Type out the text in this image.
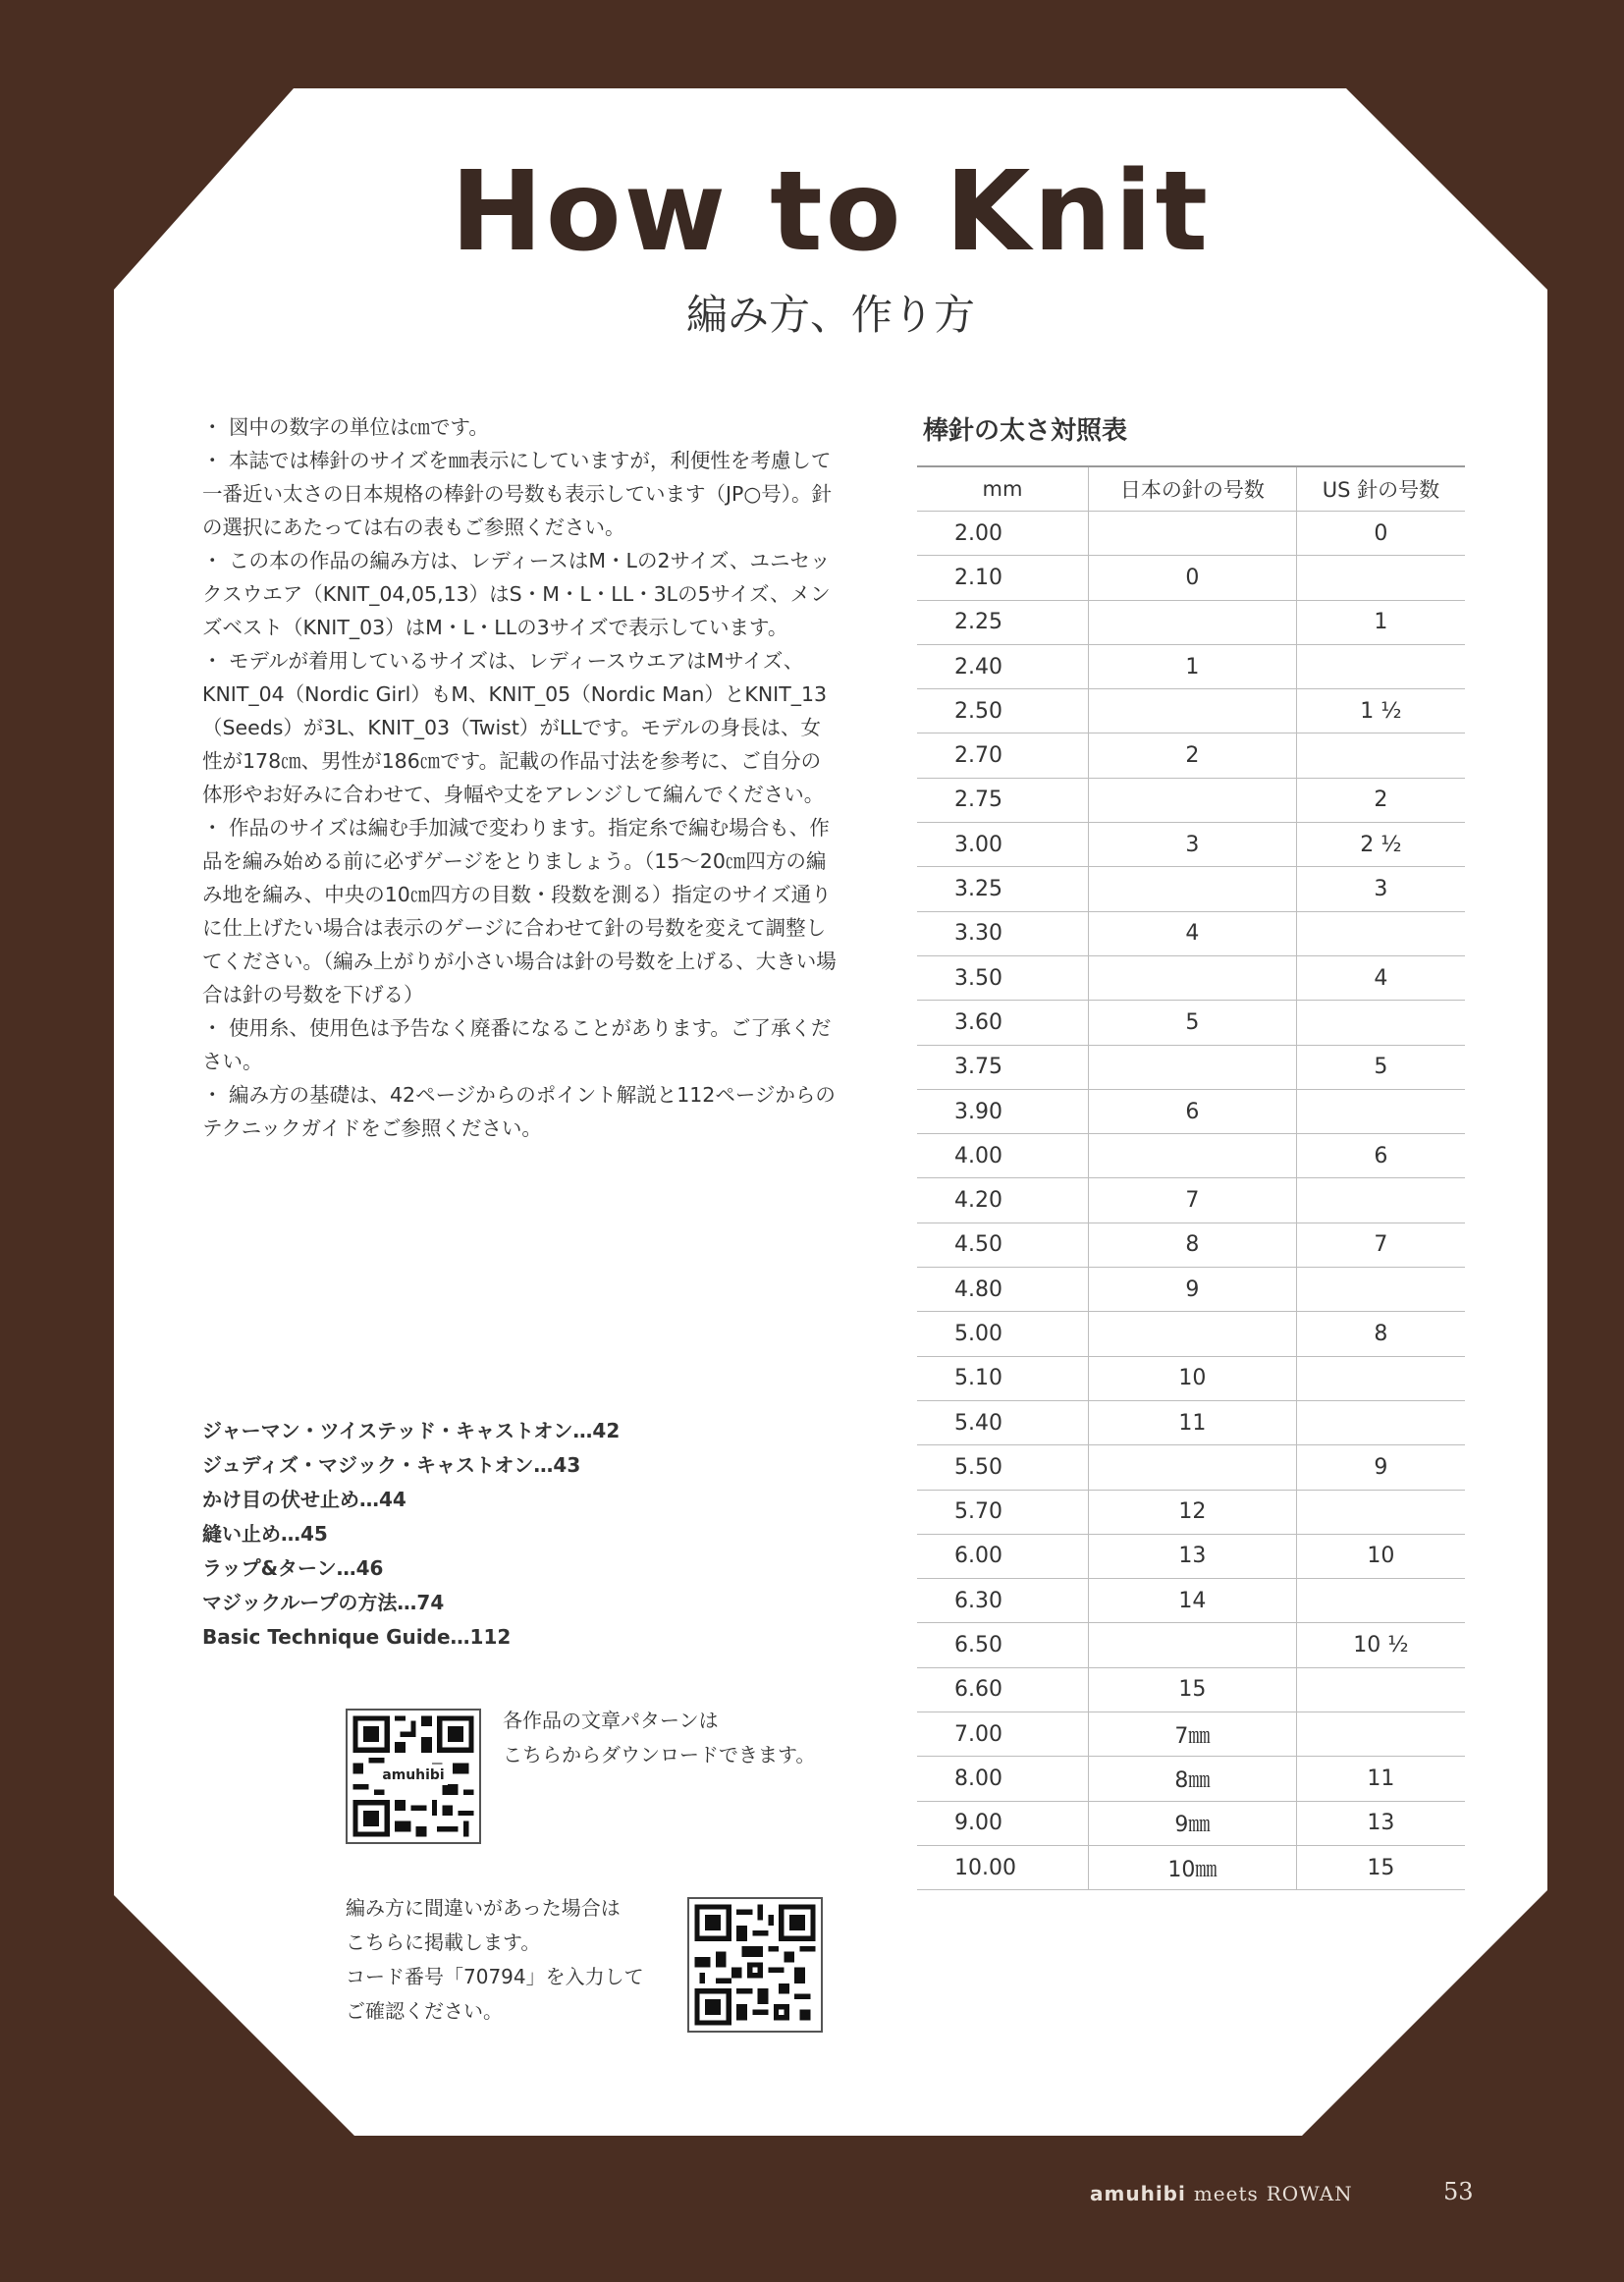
How to Knit
編み方、作り方

・ 図中の数字の単位は㎝です。

・ 本誌では棒針のサイズを㎜表示にしていますが，利便性を考慮して一番近い太さの日本規格の棒針の号数も表示しています（JP○号）。針の選択にあたっては右の表もご参照ください。

・ この本の作品の編み方は、レディースはM・Lの2サイズ、ユニセックスウエア（KNIT_04,05,13）はS・M・L・LL・3Lの5サイズ、メンズベスト（KNIT_03）はM・L・LLの3サイズで表示しています。

・ モデルが着用しているサイズは、レディースウエアはMサイズ、KNIT_04（Nordic Girl）もM、KNIT_05（Nordic Man）とKNIT_13（Seeds）が3L、KNIT_03（Twist）がLLです。モデルの身長は、女性が178㎝、男性が186㎝です。記載の作品寸法を参考に、ご自分の体形やお好みに合わせて、身幅や丈をアレンジして編んでください。

・ 作品のサイズは編む手加減で変わります。指定糸で編む場合も、作品を編み始める前に必ずゲージをとりましょう。（15～20㎝四方の編み地を編み、中央の10㎝四方の目数・段数を測る）指定のサイズ通りに仕上げたい場合は表示のゲージに合わせて針の号数を変えて調整してください。（編み上がりが小さい場合は針の号数を上げる、大きい場合は針の号数を下げる）

・ 使用糸、使用色は予告なく廃番になることがあります。ご了承ください。

・ 編み方の基礎は、42ページからのポイント解説と112ページからのテクニックガイドをご参照ください。

ジャーマン・ツイステッド・キャストオン…42
ジュディズ・マジック・キャストオン…43
かけ目の伏せ止め…44
縫い止め…45
ラップ&ターン…46
マジックループの方法…74
Basic Technique Guide…112
amuhibi
各作品の文章パターンは
こちらからダウンロードできます。
編み方に間違いがあった場合は
こちらに掲載します。
コード番号「70794」を入力して
ご確認ください。
棒針の太さ対照表
mm	日本の針の号数	US 針の号数
2.00		0
2.10	0	
2.25		1
2.40	1	
2.50		1 ½
2.70	2	
2.75		2
3.00	3	2 ½
3.25		3
3.30	4	
3.50		4
3.60	5	
3.75		5
3.90	6	
4.00		6
4.20	7	
4.50	8	7
4.80	9	
5.00		8
5.10	10	
5.40	11	
5.50		9
5.70	12	
6.00	13	10
6.30	14	
6.50		10 ½
6.60	15	
7.00	7㎜	
8.00	8㎜	11
9.00	9㎜	13
10.00	10㎜	15
amuhibi meets ROWAN	53
